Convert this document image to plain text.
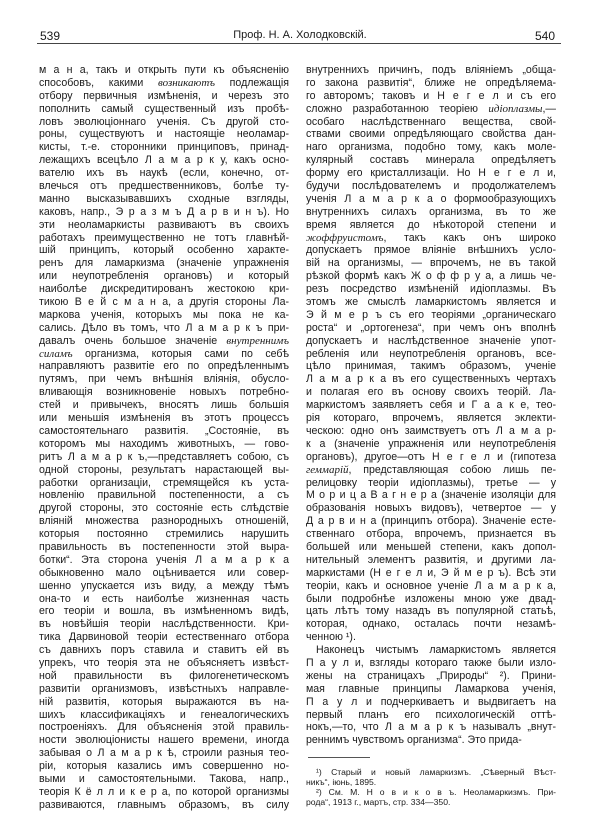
539	Проф. Н. А. Холодковскій.	540
м а н а, такъ и открыть пути къ объясненію
способовъ, какими возникаютъ подлежащія
отбору первичныя измѣненія, и черезъ это
пополнить самый существенный изъ пробѣ-
ловъ эволюціоннаго ученія. Съ другой сто-
роны, существуютъ и настоящіе неоламар-
кисты, т.-е. сторонники принциповъ, принад-
лежащихъ всецѣло Л а м а р к у, какъ осно-
вателю ихъ въ наукѣ (если, конечно, от-
влечься отъ предшественниковъ, болѣе ту-
манно высказывавшихъ сходные взгляды,
каковъ, напр., Э р а з м ъ Д а р в и н ъ). Но
эти неоламаркисты развиваютъ въ своихъ
работахъ преимущественно не тотъ главнѣй-
шій принципъ, который особенно характе-
ренъ для ламаркизма (значеніе упражненія
или неупотребленія органовъ) и который
наиболѣе дискредитированъ жестокою кри-
тикою В е й с м а н а, а другія стороны Ла-
маркова ученія, которыхъ мы пока не ка-
сались. Дѣло въ томъ, что Л а м а р к ъ при-
давалъ очень большое значеніе внутреннимъ
силамъ организма, которыя сами по себѣ
направляютъ развитіе его по опредѣленнымъ
путямъ, при чемъ внѣшнія вліянія, обусло-
вливающія возникновеніе новыхъ потребно-
стей и привычекъ, вносятъ лишь большія
или меньшія измѣненія въ этотъ процессъ
самостоятельнаго развитія. „Состояніе, въ
которомъ мы находимъ животныхъ, — гово-
ритъ Л а м а р к ъ,—представляетъ собою, съ
одной стороны, результатъ нарастающей вы-
работки организаціи, стремящейся къ уста-
новленію правильной постепенности, а съ
другой стороны, это состояніе есть слѣдствіе
вліяній множества разнородныхъ отношеній,
которыя постоянно стремились нарушить
правильность въ постепенности этой выра-
ботки“. Эта сторона ученія Л а м а р к а
обыкновенно мало оцѣнивается или совер-
шенно упускается изъ виду, а между тѣмъ
она-то и есть наиболѣе жизненная часть
его теоріи и вошла, въ измѣненномъ видѣ,
въ новѣйшія теоріи наслѣдственности. Кри-
тика Дарвиновой теоріи естественнаго отбора
съ давнихъ поръ ставила и ставитъ ей въ
упрекъ, что теорія эта не объясняетъ извѣст-
ной правильности въ филогенетическомъ
развитіи организмовъ, извѣстныхъ направле-
ній развитія, которыя выражаются въ на-
шихъ классификаціяхъ и генеалогическихъ
построеніяхъ. Для объясненія этой правиль-
ности эволюціонисты нашего времени, иногда
забывая о Л а м а р к ѣ, строили разныя тео-
ріи, которыя казались имъ совершенно но-
выми и самостоятельными. Такова, напр.,
теорія К ё л л и к е р а, по которой организмы
развиваются, главнымъ образомъ, въ силу
внутреннихъ причинъ, подъ вліяніемъ „обща-
го закона развитія“, ближе не опредѣляема-
го авторомъ; таковъ и Н е г е л и съ его
сложно разработанною теоріею идіоплазмы,—
особаго наслѣдственнаго вещества, свой-
ствами своими опредѣляющаго свойства дан-
наго организма, подобно тому, какъ моле-
кулярный составъ минерала опредѣляетъ
форму его кристаллизаціи. Но Н е г е л и,
будучи послѣдователемъ и продолжателемъ
ученія Л а м а р к а о формообразующихъ
внутреннихъ силахъ организма, въ то же
время является до нѣкоторой степени и
жоффруистомъ, такъ какъ онъ широко
допускаетъ прямое вліяніе внѣшнихъ усло-
вій на организмы, — впрочемъ, не въ такой
рѣзкой формѣ какъ Ж о ф ф р у а, а лишь че-
резъ посредство измѣненій идіоплазмы. Въ
этомъ же смыслѣ ламаркистомъ является и
Э й м е р ъ съ его теоріями „органическаго
роста“ и „ортогенеза“, при чемъ онъ вполнѣ
допускаетъ и наслѣдственное значеніе упот-
ребленія или неупотребленія органовъ, все-
цѣло принимая, такимъ образомъ, ученіе
Л а м а р к а въ его существенныхъ чертахъ
и полагая его въ основу своихъ теорій. Ла-
маркистомъ заявляетъ себя и Г а а к е, тео-
рія котораго, впрочемъ, является эклекти-
ческою: одно онъ заимствуетъ отъ Л а м а р-
к а (значеніе упражненія или неупотребленія
органовъ), другое—отъ Н е г е л и (гипотеза
геммарій, представляющая собою лишь пе-
релицовку теоріи идіоплазмы), третье — у
М о р и ц а В а г н е р а (значеніе изоляціи для
образованія новыхъ видовъ), четвертое — у
Д а р в и н а (принципъ отбора). Значеніе есте-
ственнаго отбора, впрочемъ, признается въ
большей или меньшей степени, какъ допол-
нительный элементъ развитія, и другими ла-
маркистами (Н е г е л и, Э й м е р ъ). Всѣ эти
теоріи, какъ и основное ученіе Л а м а р к а,
были подробнѣе изложены мною уже двад-
цать лѣтъ тому назадъ въ популярной статьѣ,
которая, однако, осталась почти незамѣ-
ченною ¹).
Наконецъ чистымъ ламаркистомъ является
П а у л и, взгляды котораго также были изло-
жены на страницахъ „Природы“ ²). Прини-
мая главные принципы Ламаркова ученія,
П а у л и подчеркиваетъ и выдвигаетъ на
первый планъ его психологическій оттѣ-
нокъ,—то, что Л а м а р к ъ называлъ „внут-
реннимъ чувствомъ организма“. Это прида-
¹) Старый и новый ламаркизмъ. „Сѣверный Вѣст-
никъ“, іюнь, 1895.
²) См. М. Н о в и к о в ъ. Неоламаркизмъ. При-
рода“, 1913 г., мартъ, стр. 334—350.
